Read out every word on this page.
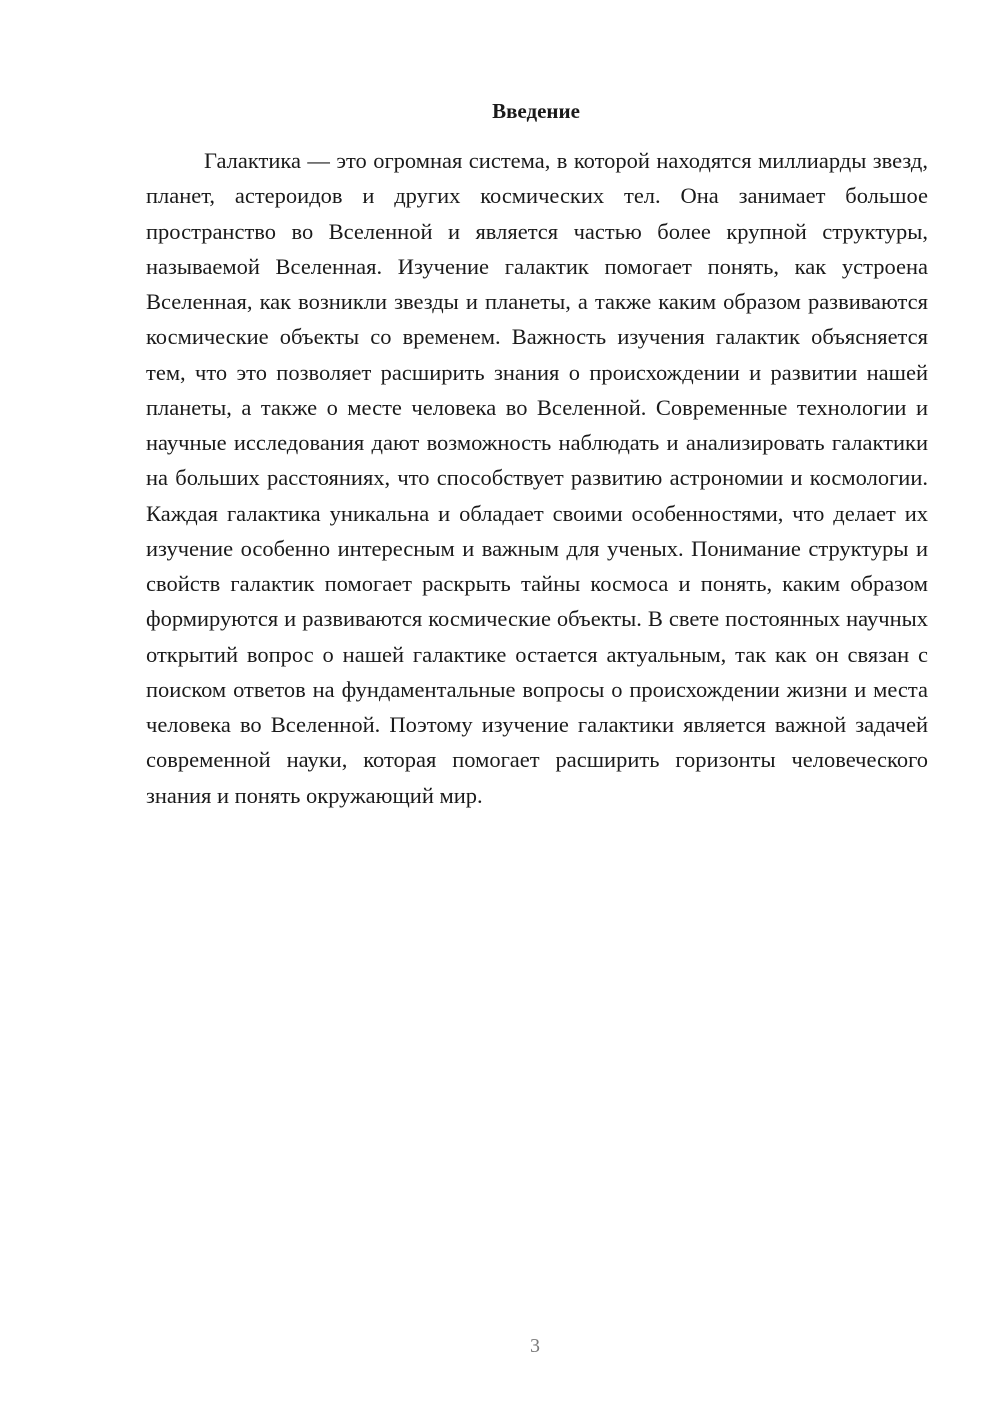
Введение

Галактика — это огромная система, в которой находятся миллиарды звезд, планет, астероидов и других космических тел. Она занимает большое пространство во Вселенной и является частью более крупной структуры, называемой Вселенная. Изучение галактик помогает понять, как устроена Вселенная, как возникли звезды и планеты, а также каким образом развиваются космические объекты со временем. Важность изучения галактик объясняется тем, что это позволяет расширить знания о происхождении и развитии нашей планеты, а также о месте человека во Вселенной. Современные технологии и научные исследования дают возможность наблюдать и анализировать галактики на больших расстояниях, что способствует развитию астрономии и космологии. Каждая галактика уникальна и обладает своими особенностями, что делает их изучение особенно интересным и важным для ученых. Понимание структуры и свойств галактик помогает раскрыть тайны космоса и понять, каким образом формируются и развиваются космические объекты. В свете постоянных научных открытий вопрос о нашей галактике остается актуальным, так как он связан с поиском ответов на фундаментальные вопросы о происхождении жизни и места человека во Вселенной. Поэтому изучение галактики является важной задачей современной науки, которая помогает расширить горизонты человеческого знания и понять окружающий мир.

3
